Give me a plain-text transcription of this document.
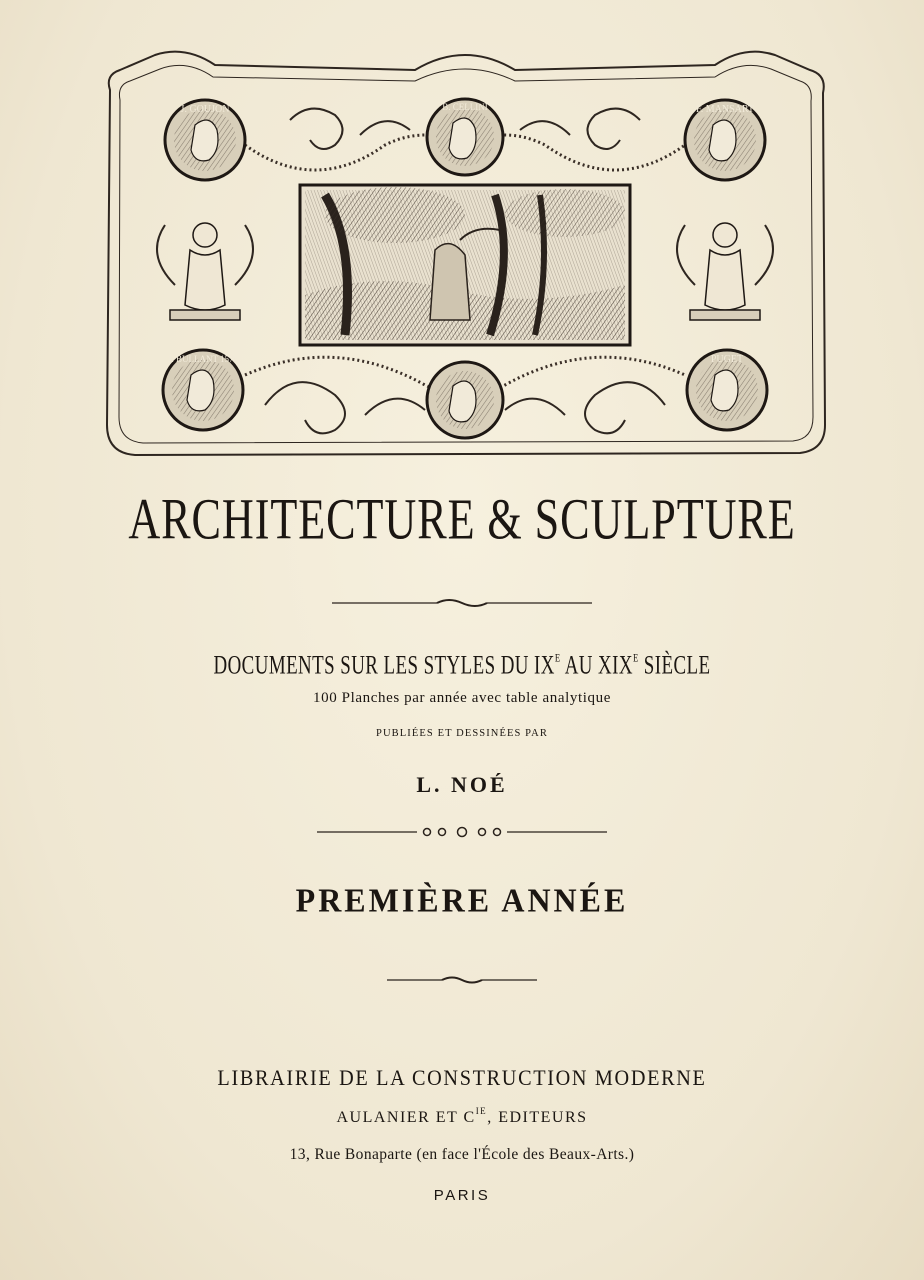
J. GOUJON	B. CELLINI	F. MANSART
J. BULLANT 1578	PUGET
ARCHITECTURE & SCULPTURE
DOCUMENTS SUR LES STYLES DU $IX^E$ AU $XIX^E$ SIÈCLE
100 Planches par année avec table analytique
PUBLIÉES ET DESSINÉES PAR
L. NOÉ
PREMIÈRE ANNÉE
LIBRAIRIE DE LA CONSTRUCTION MODERNE
AULANIER ET $C^{IE}$, EDITEURS
13, Rue Bonaparte (en face l'École des Beaux-Arts.)
PARIS
